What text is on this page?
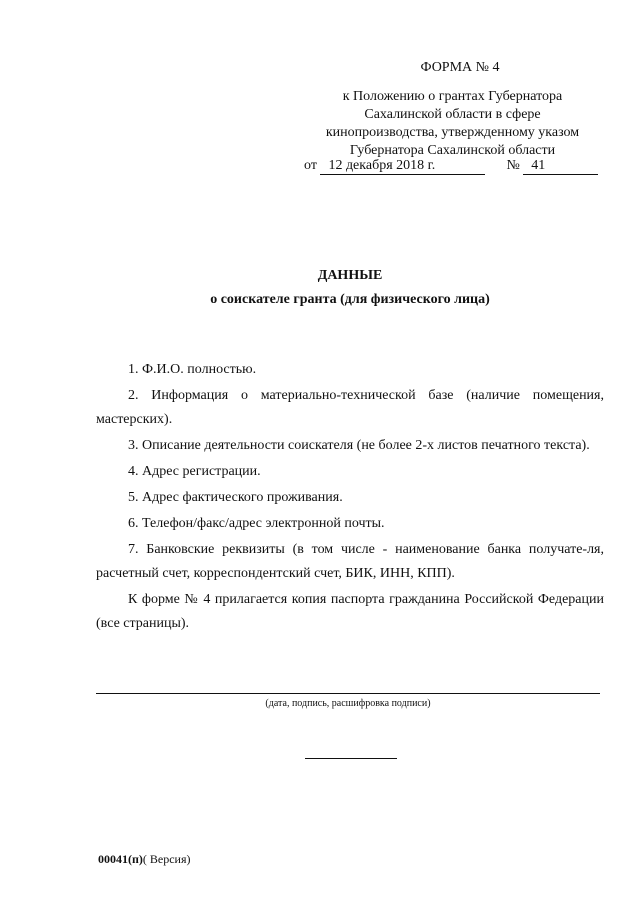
ФОРМА № 4
к Положению о грантах Губернатора
Сахалинской области в сфере
кинопроизводства, утвержденному указом
Губернатора Сахалинской области
от 12 декабря 2018 г.	№ 41
ДАННЫЕ
о соискателе гранта (для физического лица)

1. Ф.И.О. полностью.

2. Информация о материально-технической базе (наличие помещения, мастерских).

3. Описание деятельности соискателя (не более 2-х листов печатного текста).

4. Адрес регистрации.

5. Адрес фактического проживания.

6. Телефон/факс/адрес электронной почты.

7. Банковские реквизиты (в том числе - наименование банка получате-ля, расчетный счет, корреспондентский счет, БИК, ИНН, КПП).

К форме № 4 прилагается копия паспорта гражданина Российской Федерации (все страницы).

(дата, подпись, расшифровка подписи)
00041(п)( Версия)
